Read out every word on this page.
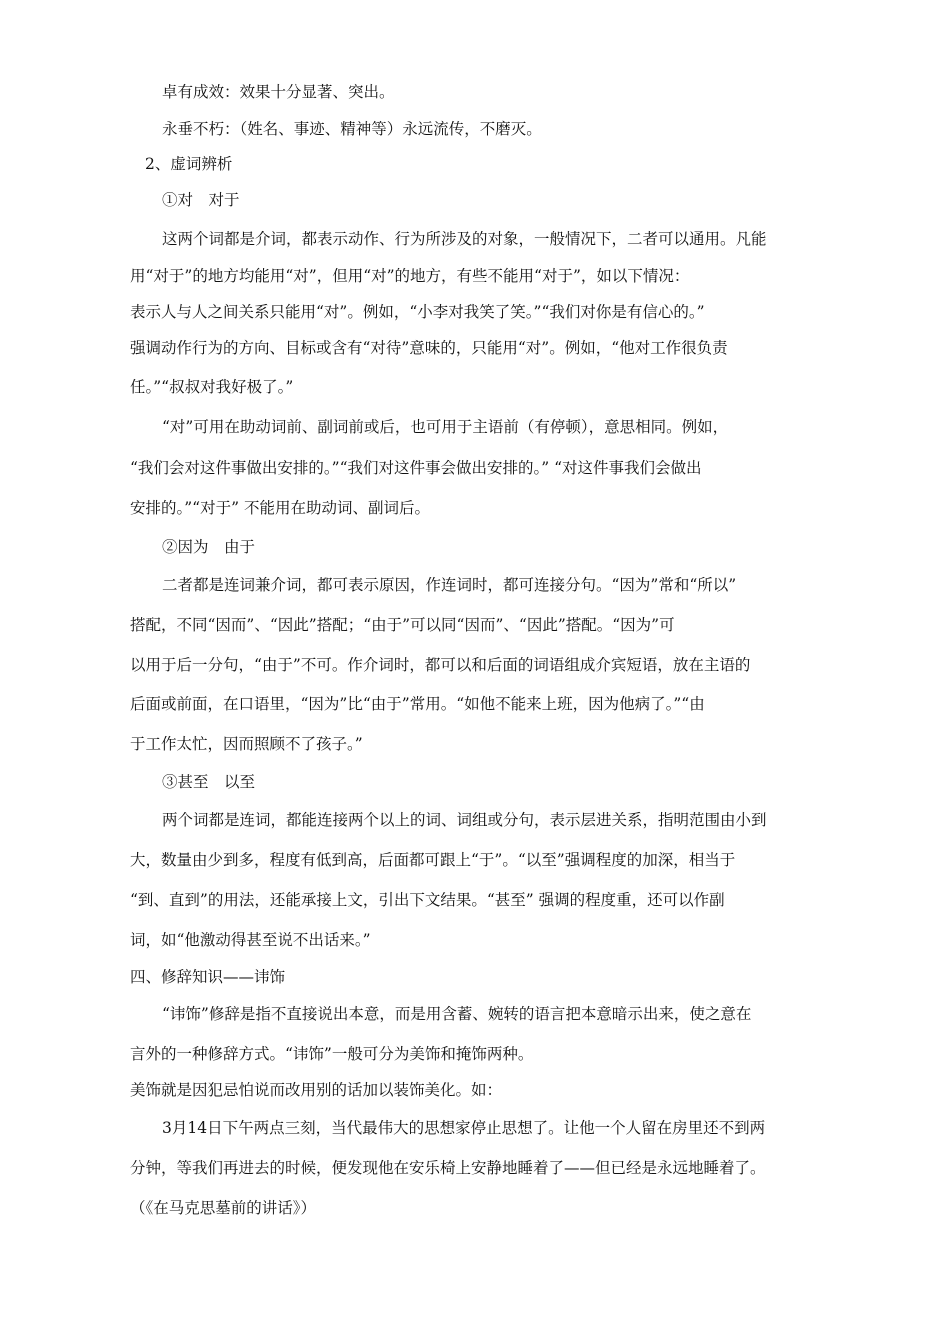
卓有成效：效果十分显著、突出。
永垂不朽：（姓名、事迹、精神等）永远流传，不磨灭。
2、虚词辨析
①对　对于
这两个词都是介词，都表示动作、行为所涉及的对象，一般情况下，二者可以通用。凡能
用“对于”的地方均能用“对”，但用“对”的地方，有些不能用“对于”，如以下情况：
表示人与人之间关系只能用“对”。例如，“小李对我笑了笑。”“我们对你是有信心的。”
强调动作行为的方向、目标或含有“对待”意味的，只能用“对”。例如，“他对工作很负责
任。”“叔叔对我好极了。”
“对”可用在助动词前、副词前或后，也可用于主语前（有停顿），意思相同。例如，
“我们会对这件事做出安排的。”“我们对这件事会做出安排的。” “对这件事我们会做出
安排的。”“对于” 不能用在助动词、副词后。
②因为　由于
二者都是连词兼介词，都可表示原因，作连词时，都可连接分句。“因为”常和“所以”
搭配，不同“因而”、“因此”搭配；“由于”可以同“因而”、“因此”搭配。“因为”可
以用于后一分句，“由于”不可。作介词时，都可以和后面的词语组成介宾短语，放在主语的
后面或前面，在口语里，“因为”比“由于”常用。“如他不能来上班，因为他病了。”“由
于工作太忙，因而照顾不了孩子。”
③甚至　以至
两个词都是连词，都能连接两个以上的词、词组或分句，表示层进关系，指明范围由小到
大，数量由少到多，程度有低到高，后面都可跟上“于”。“以至”强调程度的加深，相当于
“到、直到”的用法，还能承接上文，引出下文结果。“甚至” 强调的程度重，还可以作副
词，如“他激动得甚至说不出话来。”
四、修辞知识——讳饰
“讳饰”修辞是指不直接说出本意，而是用含蓄、婉转的语言把本意暗示出来，使之意在
言外的一种修辞方式。“讳饰”一般可分为美饰和掩饰两种。
美饰就是因犯忌怕说而改用别的话加以装饰美化。如：
3月14日下午两点三刻，当代最伟大的思想家停止思想了。让他一个人留在房里还不到两
分钟，等我们再进去的时候，便发现他在安乐椅上安静地睡着了——但已经是永远地睡着了。
（《在马克思墓前的讲话》）
